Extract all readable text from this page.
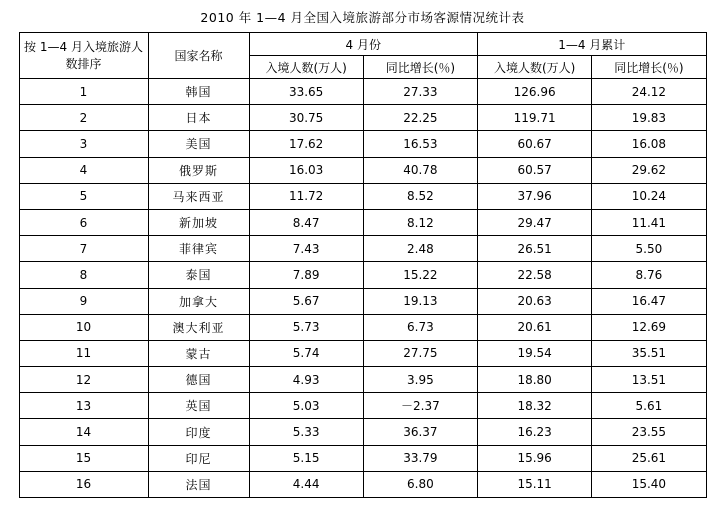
2010 年 1—4 月全国入境旅游部分市场客源情况统计表
按 1—4 月入境旅游人数排序	国家名称	4 月份		1—4 月累计	
		入境人数(万人)	同比增长(％)	入境人数(万人)	同比增长(％)
1	韩国	33.65	27.33	126.96	24.12
2	日本	30.75	22.25	119.71	19.83
3	美国	17.62	16.53	60.67	16.08
4	俄罗斯	16.03	40.78	60.57	29.62
5	马来西亚	11.72	8.52	37.96	10.24
6	新加坡	8.47	8.12	29.47	11.41
7	菲律宾	7.43	2.48	26.51	5.50
8	泰国	7.89	15.22	22.58	8.76
9	加拿大	5.67	19.13	20.63	16.47
10	澳大利亚	5.73	6.73	20.61	12.69
11	蒙古	5.74	27.75	19.54	35.51
12	德国	4.93	3.95	18.80	13.51
13	英国	5.03	－2.37	18.32	5.61
14	印度	5.33	36.37	16.23	23.55
15	印尼	5.15	33.79	15.96	25.61
16	法国	4.44	6.80	15.11	15.40
